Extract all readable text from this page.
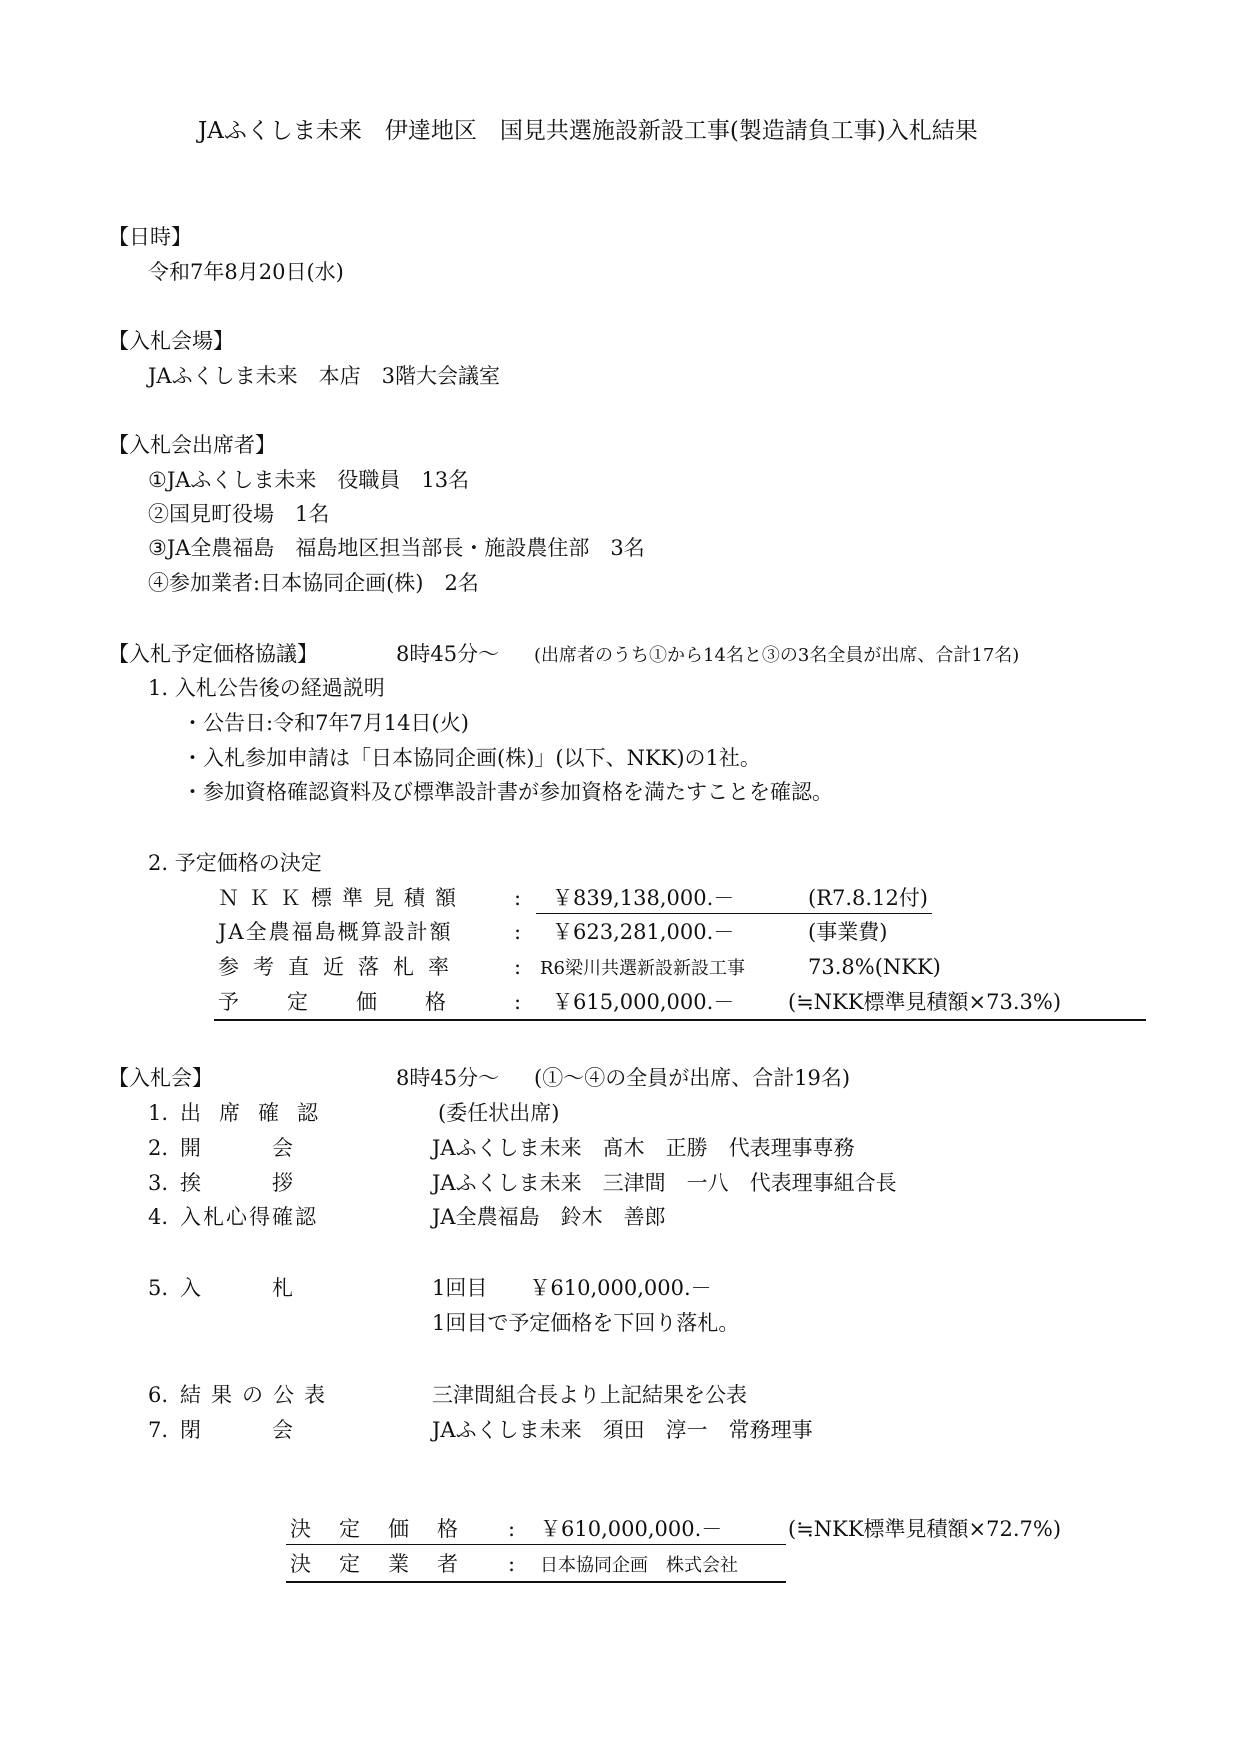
JAふくしま未来　伊達地区　国見共選施設新設工事(製造請負工事)入札結果
【日時】
令和7年8月20日(水)
【入札会場】
JAふくしま未来　本店　3階大会議室
【入札会出席者】
①JAふくしま未来　役職員　13名
②国見町役場　1名
③JA全農福島　福島地区担当部長・施設農住部　3名
④参加業者:日本協同企画(株)　2名
【入札予定価格協議】	8時45分～ (出席者のうち①から14名と③の3名全員が出席、合計17名)
1. 入札公告後の経過説明
・公告日:令和7年7月14日(火)
・入札参加申請は「日本協同企画(株)」(以下、NKK)の1社。
・参加資格確認資料及び標準設計書が参加資格を満たすことを確認。
2. 予定価格の決定
ＮＫＫ標準見積額 : ￥839,138,000.－	(R7.8.12付)
JA全農福島概算設計額	: ￥623,281,000.－	(事業費)
参考直近落札率 : R6梁川共選新設新設工事	73.8%(NKK)
予定価格 : ￥615,000,000.－	(≒NKK標準見積額×73.3%)
【入札会】	8時45分～ (①～④の全員が出席、合計19名)
1. 出席確認	(委任状出席)
2. 開　　　会	JAふくしま未来　髙木　正勝　代表理事専務
3. 挨　　　拶	JAふくしま未来　三津間　一八　代表理事組合長
4. 入札心得確認	JA全農福島　鈴木　善郎
5. 入　　　札	1回目　　￥610,000,000.－
1回目で予定価格を下回り落札。
6. 結果の公表	三津間組合長より上記結果を公表
7. 閉　　　会	JAふくしま未来　須田　淳一　常務理事
決定価格 : ￥610,000,000.－	(≒NKK標準見積額×72.7%)
決定業者 : 日本協同企画　株式会社
